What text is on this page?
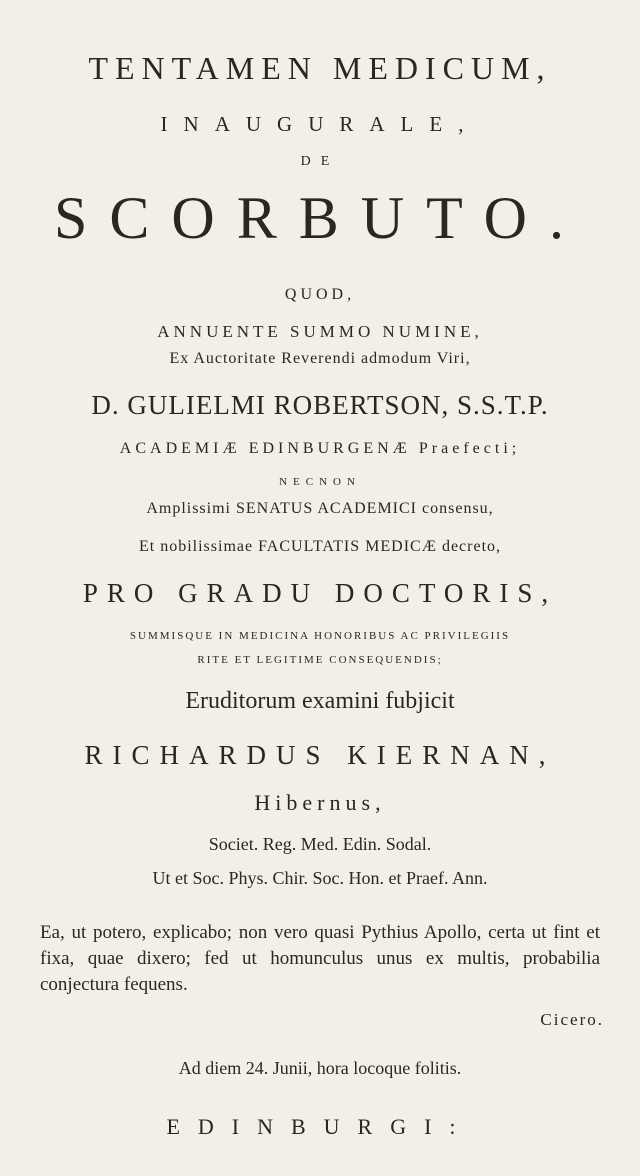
TENTAMEN MEDICUM,
INAUGURALE,
DE
SCORBUTO.
QUOD,
ANNUENTE SUMMO NUMINE,
Ex Auctoritate Reverendi admodum Viri,
D. GULIELMI ROBERTSON, S.S.T.P.
ACADEMIÆ EDINBURGENÆ Praefecti;
NECNON
Amplissimi SENATUS ACADEMICI consensu,
Et nobilissimae FACULTATIS MEDICÆ decreto,
PRO GRADU DOCTORIS,
SUMMISQUE IN MEDICINA HONORIBUS AC PRIVILEGIIS
RITE ET LEGITIME CONSEQUENDIS;
Eruditorum examini fubjicit
RICHARDUS KIERNAN,
Hibernus,
Societ. Reg. Med. Edin. Sodal.
Ut et Soc. Phys. Chir. Soc. Hon. et Praef. Ann.
Ea, ut potero, explicabo; non vero quasi Pythius Apollo, certa ut fint et fixa, quae dixero; fed ut homunculus unus ex multis, probabilia conjectura fequens.
Cicero.
Ad diem 24. Junii, hora locoque folitis.
EDINBURGI:
